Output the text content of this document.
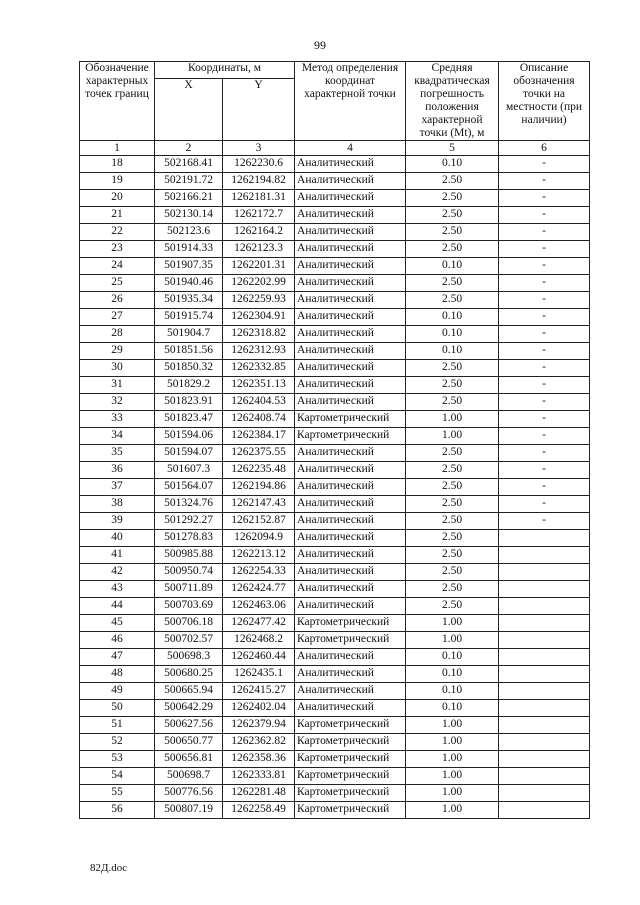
99
Обозначение характерных точек границ	Координаты, м		Метод определения координат характерной точки	Средняя квадратическая погрешность положения характерной точки (Mt), м	Описание обозначения точки на местности (при наличии)
	X	Y			
1	2	3	4	5	6
18	502168.41	1262230.6	Аналитический	0.10	-
19	502191.72	1262194.82	Аналитический	2.50	-
20	502166.21	1262181.31	Аналитический	2.50	-
21	502130.14	1262172.7	Аналитический	2.50	-
22	502123.6	1262164.2	Аналитический	2.50	-
23	501914.33	1262123.3	Аналитический	2.50	-
24	501907.35	1262201.31	Аналитический	0.10	-
25	501940.46	1262202.99	Аналитический	2.50	-
26	501935.34	1262259.93	Аналитический	2.50	-
27	501915.74	1262304.91	Аналитический	0.10	-
28	501904.7	1262318.82	Аналитический	0.10	-
29	501851.56	1262312.93	Аналитический	0.10	-
30	501850.32	1262332.85	Аналитический	2.50	-
31	501829.2	1262351.13	Аналитический	2.50	-
32	501823.91	1262404.53	Аналитический	2.50	-
33	501823.47	1262408.74	Картометрический	1.00	-
34	501594.06	1262384.17	Картометрический	1.00	-
35	501594.07	1262375.55	Аналитический	2.50	-
36	501607.3	1262235.48	Аналитический	2.50	-
37	501564.07	1262194.86	Аналитический	2.50	-
38	501324.76	1262147.43	Аналитический	2.50	-
39	501292.27	1262152.87	Аналитический	2.50	-
40	501278.83	1262094.9	Аналитический	2.50	
41	500985.88	1262213.12	Аналитический	2.50	
42	500950.74	1262254.33	Аналитический	2.50	
43	500711.89	1262424.77	Аналитический	2.50	
44	500703.69	1262463.06	Аналитический	2.50	
45	500706.18	1262477.42	Картометрический	1.00	
46	500702.57	1262468.2	Картометрический	1.00	
47	500698.3	1262460.44	Аналитический	0.10	
48	500680.25	1262435.1	Аналитический	0.10	
49	500665.94	1262415.27	Аналитический	0.10	
50	500642.29	1262402.04	Аналитический	0.10	
51	500627.56	1262379.94	Картометрический	1.00	
52	500650.77	1262362.82	Картометрический	1.00	
53	500656.81	1262358.36	Картометрический	1.00	
54	500698.7	1262333.81	Картометрический	1.00	
55	500776.56	1262281.48	Картометрический	1.00	
56	500807.19	1262258.49	Картометрический	1.00	
82Д.doc
